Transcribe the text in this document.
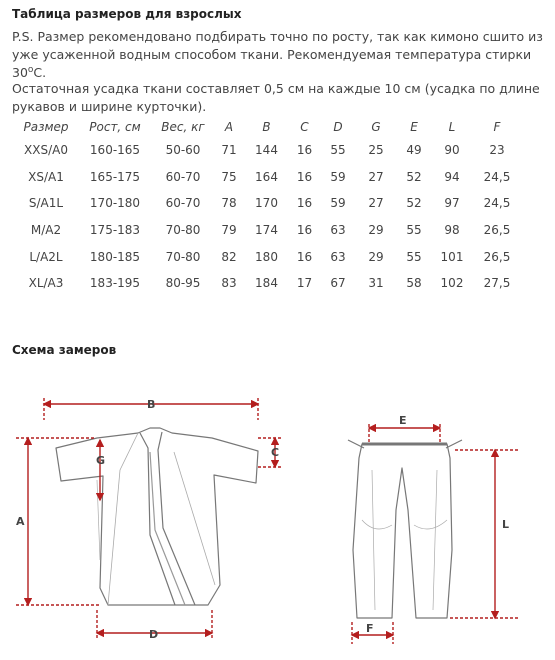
Таблица размеров для взрослых
P.S. Размер рекомендовано подбирать точно по росту, так как кимоно сшито из уже усаженной водным способом ткани. Рекомендуемая температура стирки 30$^o$С.
Остаточная усадка ткани составляет 0,5 см на каждые 10 см (усадка по длине рукавов и ширине курточки).
Размер	Рост, см	Вес, кг	A	B	C	D	G	E	L	F
XXS/A0	160-165	50-60	71	144	16	55	25	49	90	23
XS/A1	165-175	60-70	75	164	16	59	27	52	94	24,5
S/A1L	170-180	60-70	78	170	16	59	27	52	97	24,5
M/A2	175-183	70-80	79	174	16	63	29	55	98	26,5
L/A2L	180-185	70-80	82	180	16	63	29	55	101	26,5
XL/A3	183-195	80-95	83	184	17	67	31	58	102	27,5
Схема замеров
B
A
G
C
D
E
L
F
